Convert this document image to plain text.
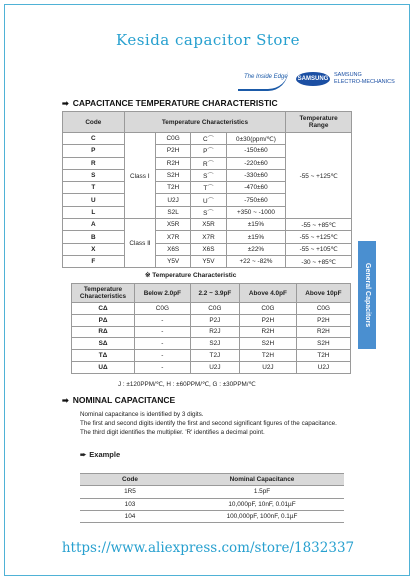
Kesida capacitor Store
The Inside Edge SAMSUNG
SAMSUNG
ELECTRO-MECHANICS
➡ CAPACITANCE TEMPERATURE CHARACTERISTIC
Code	Temperature Characteristics				Temperature
Range
C	Class Ⅰ	C0G	C⌒	0±30(ppm/℃)	-55 ~ +125℃
P		P2H	P⌒	-150±60	
R		R2H	R⌒	-220±60	
S		S2H	S⌒	-330±60	
T		T2H	T⌒	-470±60	
U		U2J	U⌒	-750±60	
L		S2L	S⌒	+350 ~ -1000	
A	Class Ⅱ	X5R	X5R	±15%	-55 ~ +85℃
B		X7R	X7R	±15%	-55 ~ +125℃
X		X6S	X6S	±22%	-55 ~ +105℃
F		Y5V	Y5V	+22 ~ -82%	-30 ~ +85℃
General Capacitors
※ Temperature Characteristic
Temperature
Characteristics	Below 2.0pF	2.2 ~ 3.9pF	Above 4.0pF	Above 10pF
CΔ	C0G	C0G	C0G	C0G
PΔ	-	P2J	P2H	P2H
RΔ	-	R2J	R2H	R2H
SΔ	-	S2J	S2H	S2H
TΔ	-	T2J	T2H	T2H
UΔ	-	U2J	U2J	U2J
J : ±120PPM/℃, H : ±60PPM/℃, G : ±30PPM/℃
➡ NOMINAL CAPACITANCE
Nominal capacitance is identified by 3 digits.
The first and second digits identify the first and second significant figures of the capacitance.
The third digit identifies the multiplier. 'R' identifies a decimal point.
➨ Example
Code	Nominal Capacitance
1R5	1.5pF
103	10,000pF, 10nF, 0.01µF
104	100,000pF, 100nF, 0.1µF
https://www.aliexpress.com/store/1832337
